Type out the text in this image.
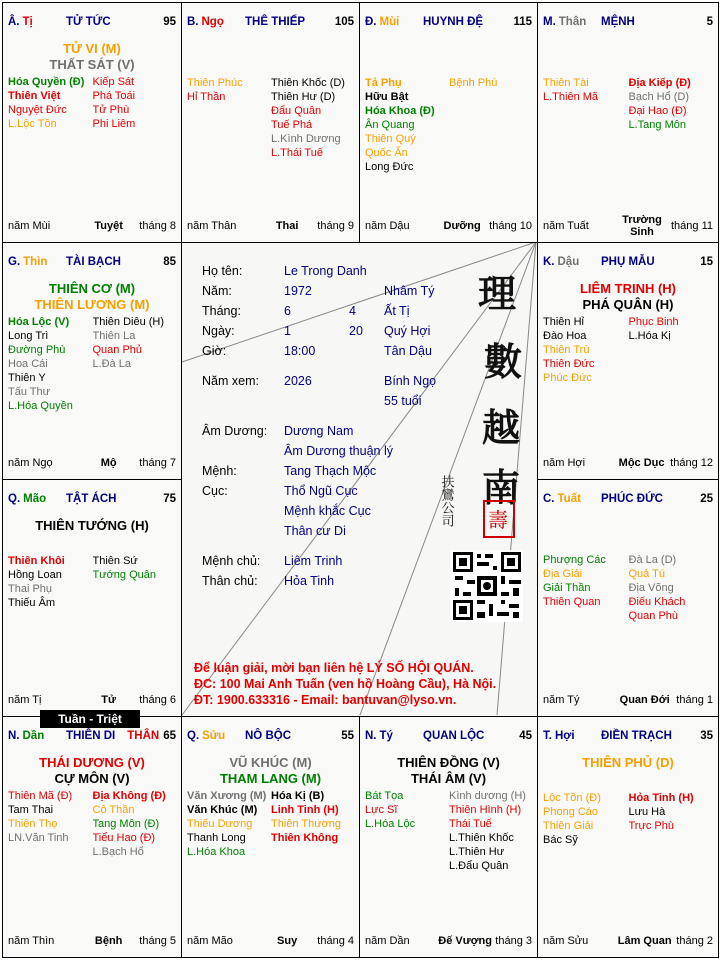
Â. Tị	TỬ TỨC	95
TỬ VI (M)
THẤT SÁT (V)
Hóa Quyền (Đ)
Thiên Việt
Nguyệt Đức
L.Lộc Tồn
Kiếp Sát
Phá Toái
Tử Phù
Phi Liêm
năm Mùi	Tuyệt	tháng 8
B. Ngọ	THÊ THIẾP	105
Thiên Phúc
Hỉ Thần
Thiên Khốc (D)
Thiên Hư (D)
Đẩu Quân
Tuế Phá
L.Kình Dương
L.Thái Tuế
năm Thân	Thai	tháng 9
Đ. Mùi	HUYNH ĐỆ	115
Tả Phụ
Hữu Bật
Hóa Khoa (Đ)
Ân Quang
Thiên Quý
Quốc Ấn
Long Đức
Bệnh Phù
năm Dậu	Dưỡng tháng 10
M. Thân	MỆNH	5
Thiên Tài
L.Thiên Mã
Địa Kiếp (Đ)
Bạch Hổ (D)
Đại Hao (Đ)
L.Tang Môn
năm Tuất	Trường Sinh	tháng 11
G. Thìn	TÀI BẠCH	85
THIÊN CƠ (M)
THIÊN LƯƠNG (M)
Hóa Lộc (V)
Long Trì
Đường Phù
Hoa Cái
Thiên Y
Tấu Thư
L.Hóa Quyền
Thiên Diêu (H)
Thiên La
Quan Phủ
L.Đà La
năm Ngọ	Mộ	tháng 7
K. Dậu	PHỤ MẪU	15
LIÊM TRINH (H)
PHÁ QUÂN (H)
Thiên Hỉ
Đào Hoa
Thiên Trù
Thiên Đức
Phúc Đức
Phục Binh
L.Hóa Kị
năm Hợi	Mộc Dục tháng 12
Q. Mão	TẬT ÁCH	75
THIÊN TƯỚNG (H)
Thiên Khôi
Hồng Loan
Thai Phụ
Thiếu Âm
Thiên Sứ
Tướng Quân
năm Tị	Tử	tháng 6
C. Tuất	PHÚC ĐỨC	25
Phượng Các
Địa Giải
Giải Thần
Thiên Quan
Đà La (D)
Quả Tú
Địa Võng
Điếu Khách
Quan Phù
năm Tý	Quan Đới tháng 1
N. Dần	THIÊN DI	THÂN 65
THÁI DƯƠNG (V)
CỰ MÔN (V)
Thiên Mã (Đ)
Tam Thai
Thiên Thọ
LN.Văn Tinh
Địa Không (Đ)
Cô Thần
Tang Môn (Đ)
Tiểu Hao (Đ)
L.Bạch Hổ
năm Thìn	Bệnh	tháng 5
Q. Sửu	NÔ BỘC	55
VŨ KHÚC (M)
THAM LANG (M)
Văn Xương (M)
Văn Khúc (M)
Thiếu Dương
Thanh Long
L.Hóa Khoa
Hóa Kị (B)
Linh Tinh (H)
Thiên Thương
Thiên Không
năm Mão	Suy	tháng 4
N. Tý	QUAN LỘC	45
THIÊN ĐỒNG (V)
THÁI ÂM (V)
Bát Tọa
Lực Sĩ
L.Hóa Lộc
Kình dương (H)
Thiên Hình (H)
Thái Tuế
L.Thiên Khốc
L.Thiên Hư
L.Đẩu Quân
năm Dần	Đế Vượng tháng 3
T. Hợi	ĐIỀN TRẠCH	35
THIÊN PHỦ (D)
Lộc Tồn (Đ)
Phong Cáo
Thiên Giải
Bác Sỹ
Hỏa Tinh (H)
Lưu Hà
Trực Phù
năm Sửu	Lâm Quan tháng 2
Họ tên:	Le Trong Danh
Năm:	1972	Nhâm Tý
Tháng:	6	4 Ất Tị
Ngày:	1	20 Quý Hợi
Giờ:	18:00	Tân Dậu
Năm xem: 2026	Bính Ngọ
55 tuổi
Âm Dương: Dương Nam
Âm Dương thuận lý
Mệnh:	Tang Thạch Mộc
Cục:	Thổ Ngũ Cục
Mệnh khắc Cục
Thân cư Di
Mệnh chủ: Liêm Trinh
Thân chủ: Hỏa Tinh
理
數
越
南
扶鸞公司 壽
Để luận giải, mời bạn liên hệ LÝ SỐ HỘI QUÁN.
ĐC: 100 Mai Anh Tuấn (ven hồ Hoàng Cầu), Hà Nội.
ĐT: 1900.633316 - Email: bantuvan@lyso.vn.
Tuần - Triệt
